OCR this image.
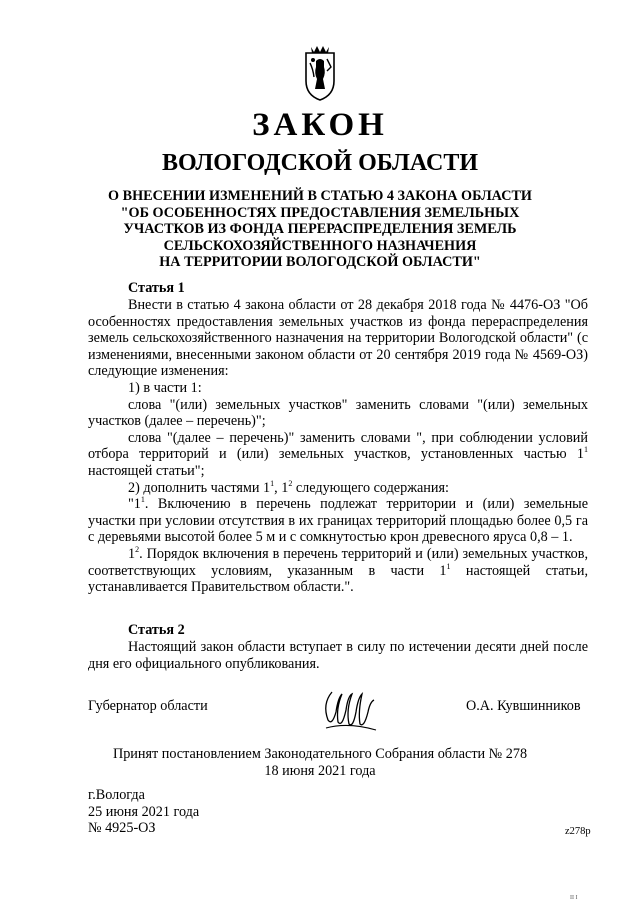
ЗАКОН
ВОЛОГОДСКОЙ ОБЛАСТИ
О ВНЕСЕНИИ ИЗМЕНЕНИЙ В СТАТЬЮ 4 ЗАКОНА ОБЛАСТИ
"ОБ ОСОБЕННОСТЯХ ПРЕДОСТАВЛЕНИЯ ЗЕМЕЛЬНЫХ
УЧАСТКОВ ИЗ ФОНДА ПЕРЕРАСПРЕДЕЛЕНИЯ ЗЕМЕЛЬ
СЕЛЬСКОХОЗЯЙСТВЕННОГО НАЗНАЧЕНИЯ
НА ТЕРРИТОРИИ ВОЛОГОДСКОЙ ОБЛАСТИ"
Статья 1

Внести в статью 4 закона области от 28 декабря 2018 года № 4476-ОЗ "Об особенностях предоставления земельных участков из фонда перераспределения земель сельскохозяйственного назначения на территории Вологодской области" (с изменениями, внесенными законом области от 20 сентября 2019 года № 4569-ОЗ) следующие изменения:

1) в части 1:

слова "(или) земельных участков" заменить словами "(или) земельных участков (далее – перечень)";

слова "(далее – перечень)" заменить словами ", при соблюдении условий отбора территорий и (или) земельных участков, установленных частью $1^1$ настоящей статьи";

2) дополнить частями $1^1$, $1^2$ следующего содержания:

"$1^1$. Включению в перечень подлежат территории и (или) земельные участки при условии отсутствия в их границах территорий площадью более 0,5 га с деревьями высотой более 5 м и с сомкнутостью крон древесного яруса 0,8 – 1.

$1^2$. Порядок включения в перечень территорий и (или) земельных участков, соответствующих условиям, указанным в части $1^1$ настоящей статьи, устанавливается Правительством области.".

Статья 2

Настоящий закон области вступает в силу по истечении десяти дней после дня его официального опубликования.

Губернатор области	О.А. Кувшинников
Принят постановлением Законодательного Собрания области № 278
18 июня 2021 года
г.Вологда
25 июня 2021 года
№ 4925-ОЗ	z278p
II I
